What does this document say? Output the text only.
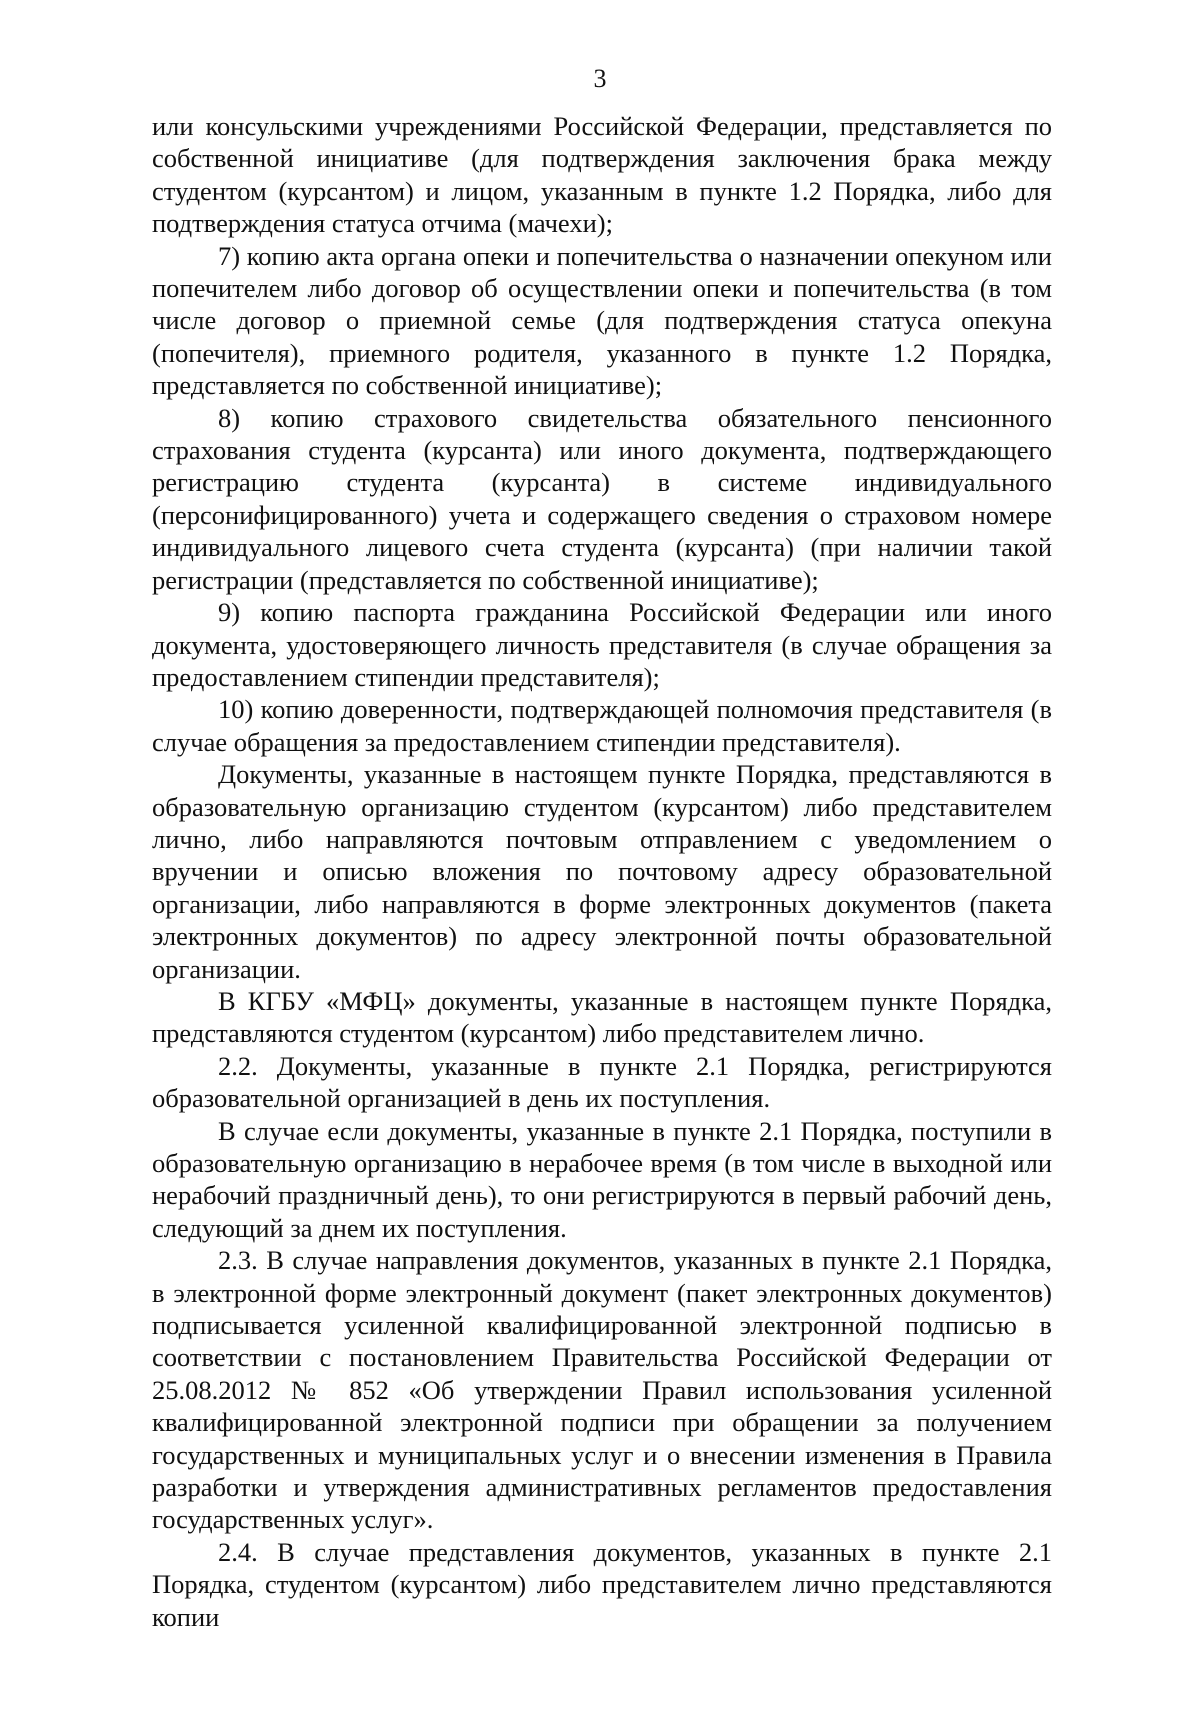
3

или консульскими учреждениями Российской Федерации, представляется по собственной инициативе (для подтверждения заключения брака между студентом (курсантом) и лицом, указанным в пункте 1.2 Порядка, либо для подтверждения статуса отчима (мачехи);

7) копию акта органа опеки и попечительства о назначении опекуном или попечителем либо договор об осуществлении опеки и попечительства (в том числе договор о приемной семье (для подтверждения статуса опекуна (попечителя), приемного родителя, указанного в пункте 1.2 Порядка, представляется по собственной инициативе);

8) копию страхового свидетельства обязательного пенсионного страхования студента (курсанта) или иного документа, подтверждающего регистрацию студента (курсанта) в системе индивидуального (персонифицированного) учета и содержащего сведения о страховом номере индивидуального лицевого счета студента (курсанта) (при наличии такой регистрации (представляется по собственной инициативе);

9) копию паспорта гражданина Российской Федерации или иного документа, удостоверяющего личность представителя (в случае обращения за предоставлением стипендии представителя);

10) копию доверенности, подтверждающей полномочия представителя (в случае обращения за предоставлением стипендии представителя).

Документы, указанные в настоящем пункте Порядка, представляются в образовательную организацию студентом (курсантом) либо представителем лично, либо направляются почтовым отправлением с уведомлением о вручении и описью вложения по почтовому адресу образовательной организации, либо направляются в форме электронных документов (пакета электронных документов) по адресу электронной почты образовательной организации.

В КГБУ «МФЦ» документы, указанные в настоящем пункте Порядка, представляются студентом (курсантом) либо представителем лично.

2.2. Документы, указанные в пункте 2.1 Порядка, регистрируются образовательной организацией в день их поступления.

В случае если документы, указанные в пункте 2.1 Порядка, поступили в образовательную организацию в нерабочее время (в том числе в выходной или нерабочий праздничный день), то они регистрируются в первый рабочий день, следующий за днем их поступления.

2.3. В случае направления документов, указанных в пункте 2.1 Порядка, в электронной форме электронный документ (пакет электронных документов) подписывается усиленной квалифицированной электронной подписью в соответствии с постановлением Правительства Российской Федерации от 25.08.2012 № 852 «Об утверждении Правил использования усиленной квалифицированной электронной подписи при обращении за получением государственных и муниципальных услуг и о внесении изменения в Правила разработки и утверждения административных регламентов предоставления государственных услуг».

2.4. В случае представления документов, указанных в пункте 2.1 Порядка, студентом (курсантом) либо представителем лично представляются копии
